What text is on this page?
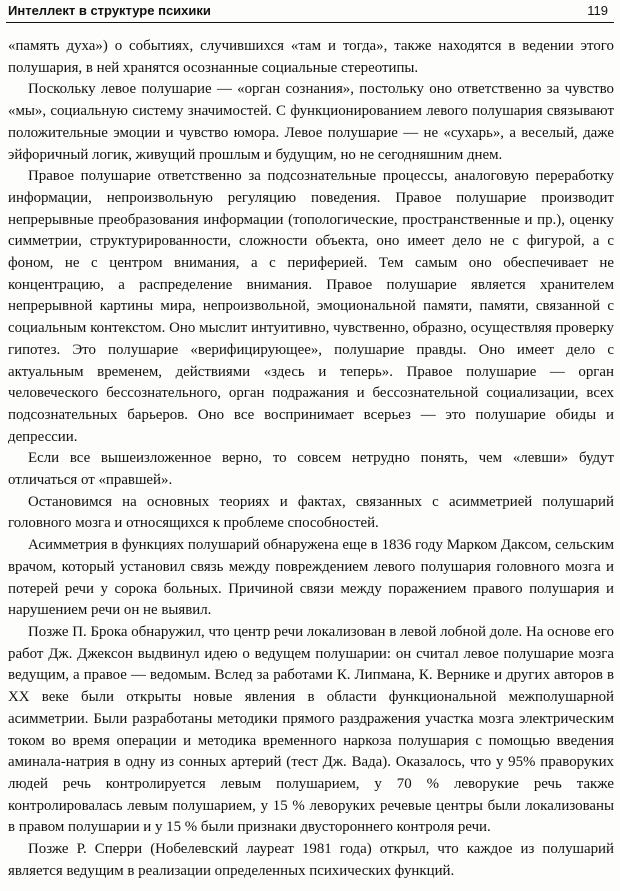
Интеллект в структуре психики	119

«память духа») о событиях, случившихся «там и тогда», также находятся в ведении этого полушария, в ней хранятся осознанные социальные стереотипы.

Поскольку левое полушарие — «орган сознания», постольку оно ответственно за чувство «мы», социальную систему значимостей. С функционированием левого полушария связывают положительные эмоции и чувство юмора. Левое полушарие — не «сухарь», а веселый, даже эйфоричный логик, живущий прошлым и будущим, но не сегодняшним днем.

Правое полушарие ответственно за подсознательные процессы, аналоговую переработку информации, непроизвольную регуляцию поведения. Правое полушарие производит непрерывные преобразования информации (топологические, пространственные и пр.), оценку симметрии, структурированности, сложности объекта, оно имеет дело не с фигурой, а с фоном, не с центром внимания, а с периферией. Тем самым оно обеспечивает не концентрацию, а распределение внимания. Правое полушарие является хранителем непрерывной картины мира, непроизвольной, эмоциональной памяти, памяти, связанной с социальным контекстом. Оно мыслит интуитивно, чувственно, образно, осуществляя проверку гипотез. Это полушарие «верифицирующее», полушарие правды. Оно имеет дело с актуальным временем, действиями «здесь и теперь». Правое полушарие — орган человеческого бессознательного, орган подражания и бессознательной социализации, всех подсознательных барьеров. Оно все воспринимает всерьез — это полушарие обиды и депрессии.

Если все вышеизложенное верно, то совсем нетрудно понять, чем «левши» будут отличаться от «правшей».

Остановимся на основных теориях и фактах, связанных с асимметрией полушарий головного мозга и относящихся к проблеме способностей.

Асимметрия в функциях полушарий обнаружена еще в 1836 году Марком Даксом, сельским врачом, который установил связь между повреждением левого полушария головного мозга и потерей речи у сорока больных. Причиной связи между поражением правого полушария и нарушением речи он не выявил.

Позже П. Брока обнаружил, что центр речи локализован в левой лобной доле. На основе его работ Дж. Джексон выдвинул идею о ведущем полушарии: он считал левое полушарие мозга ведущим, а правое — ведомым. Вслед за работами К. Липмана, К. Вернике и других авторов в XX веке были открыты новые явления в области функциональной межполушарной асимметрии. Были разработаны методики прямого раздражения участка мозга электрическим током во время операции и методика временного наркоза полушария с помощью введения аминала-натрия в одну из сонных артерий (тест Дж. Вада). Оказалось, что у 95% праворуких людей речь контролируется левым полушарием, у 70 % леворукие речь также контролировалась левым полушарием, у 15 % леворуких речевые центры были локализованы в правом полушарии и у 15 % были признаки двустороннего контроля речи.

Позже Р. Сперри (Нобелевский лауреат 1981 года) открыл, что каждое из полушарий является ведущим в реализации определенных психических функций.
